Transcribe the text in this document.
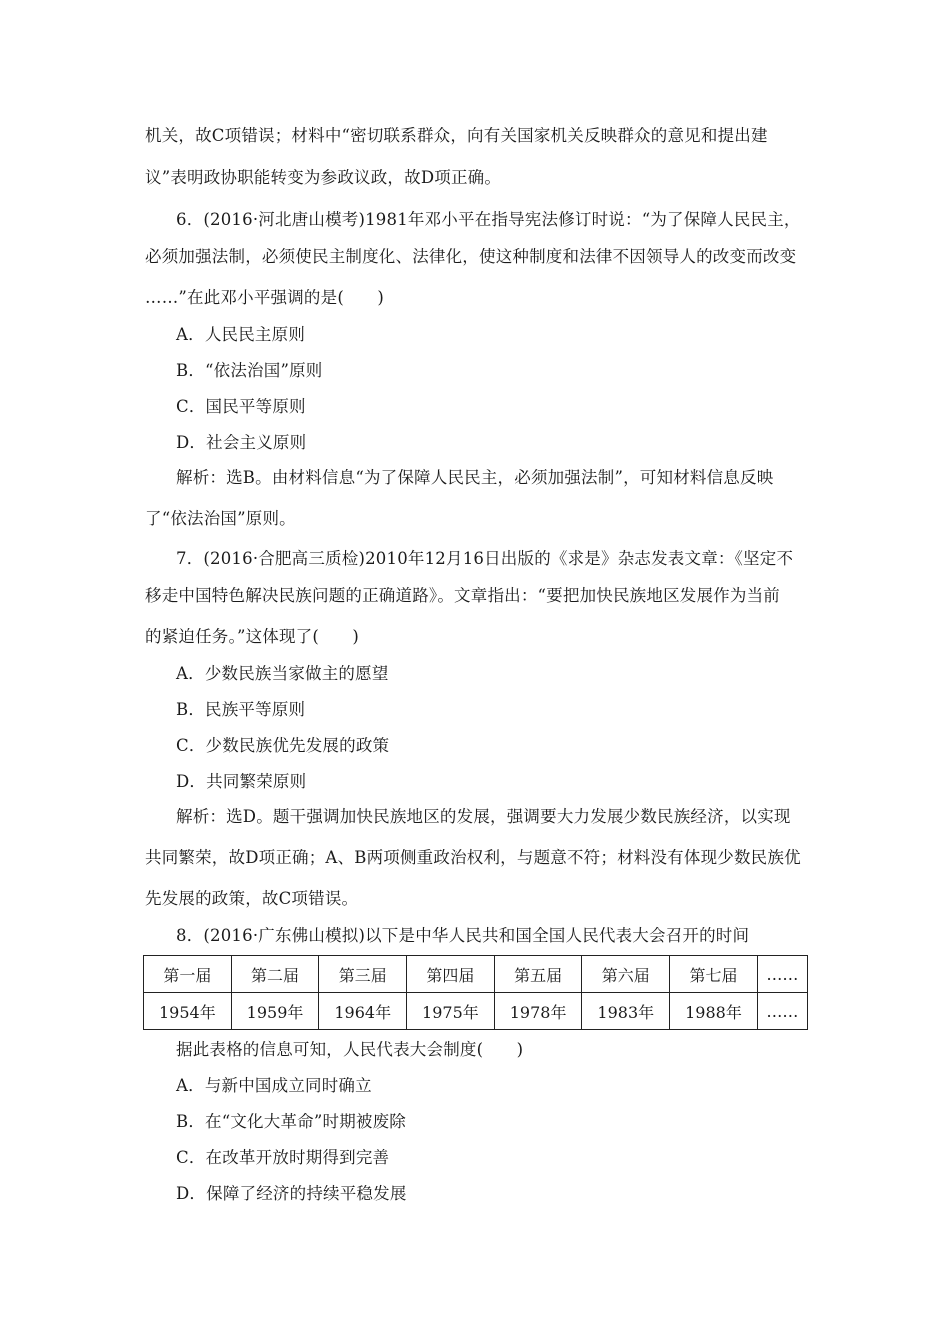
机关，故C项错误；材料中“密切联系群众，向有关国家机关反映群众的意见和提出建
议”表明政协职能转变为参政议政，故D项正确。
6．(2016·河北唐山模考)1981年邓小平在指导宪法修订时说：“为了保障人民民主，
必须加强法制，必须使民主制度化、法律化，使这种制度和法律不因领导人的改变而改变
……”在此邓小平强调的是(　　)
A．人民民主原则
B．“依法治国”原则
C．国民平等原则
D．社会主义原则
解析：选B。由材料信息“为了保障人民民主，必须加强法制”，可知材料信息反映
了“依法治国”原则。
7．(2016·合肥高三质检)2010年12月16日出版的《求是》杂志发表文章：《坚定不
移走中国特色解决民族问题的正确道路》。文章指出：“要把加快民族地区发展作为当前
的紧迫任务。”这体现了(　　)
A．少数民族当家做主的愿望
B．民族平等原则
C．少数民族优先发展的政策
D．共同繁荣原则
解析：选D。题干强调加快民族地区的发展，强调要大力发展少数民族经济，以实现
共同繁荣，故D项正确；A、B两项侧重政治权利，与题意不符；材料没有体现少数民族优
先发展的政策，故C项错误。
8．(2016·广东佛山模拟)以下是中华人民共和国全国人民代表大会召开的时间
第一届	第二届	第三届	第四届	第五届	第六届	第七届	……
1954年	1959年	1964年	1975年	1978年	1983年	1988年	……
据此表格的信息可知，人民代表大会制度(　　)
A．与新中国成立同时确立
B．在“文化大革命”时期被废除
C．在改革开放时期得到完善
D．保障了经济的持续平稳发展
